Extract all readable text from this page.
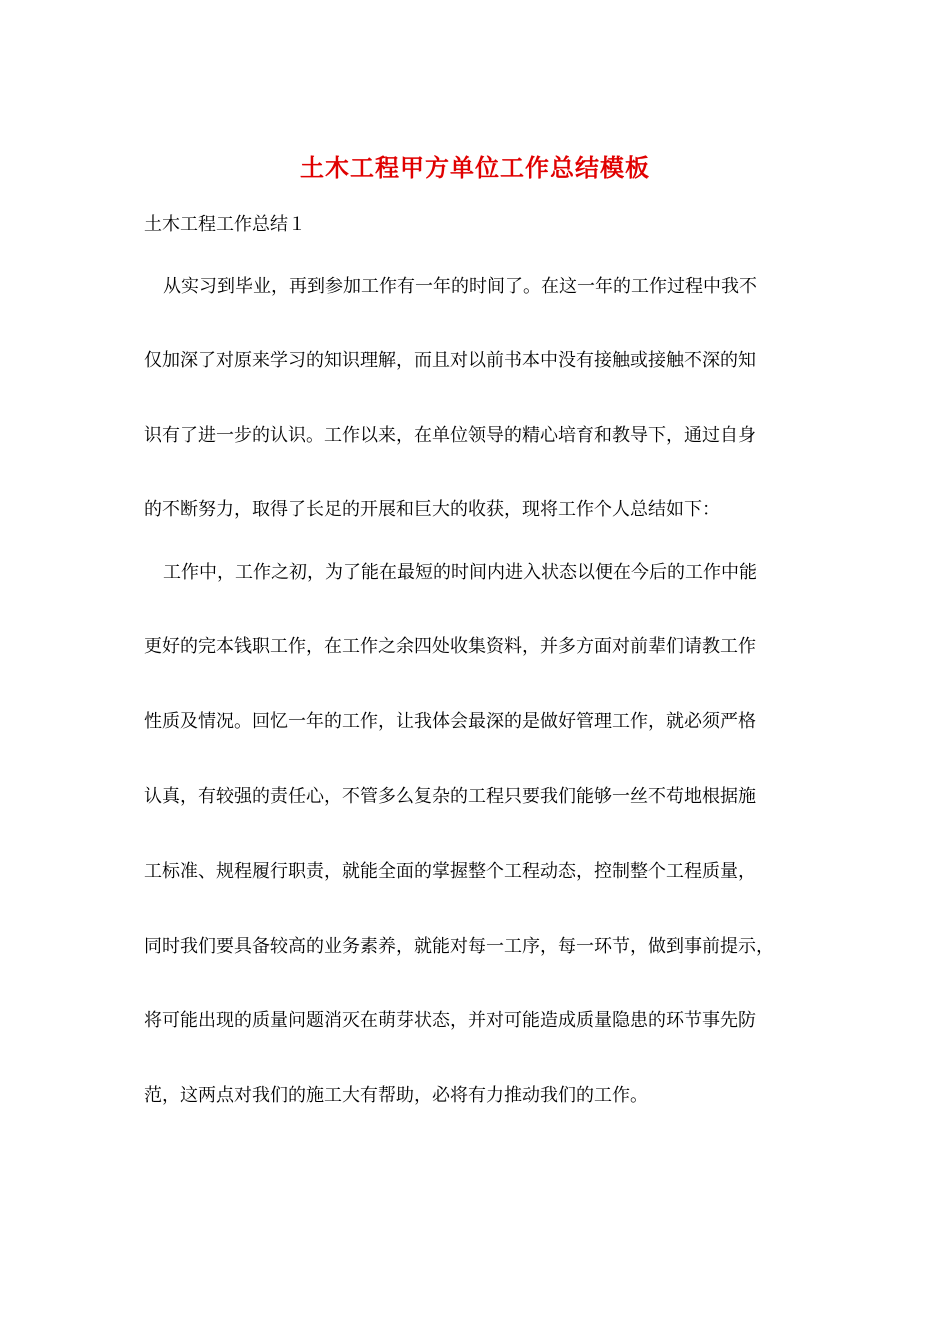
土木工程甲方单位工作总结模板
土木工程工作总结１
从实习到毕业，再到参加工作有一年的时间了。在这一年的工作过程中我不
仅加深了对原来学习的知识理解，而且对以前书本中没有接触或接触不深的知
识有了进一步的认识。工作以来，在单位领导的精心培育和教导下，通过自身
的不断努力，取得了长足的开展和巨大的收获，现将工作个人总结如下：
工作中，工作之初，为了能在最短的时间内进入状态以便在今后的工作中能
更好的完本钱职工作，在工作之余四处收集资料，并多方面对前辈们请教工作
性质及情况。回忆一年的工作，让我体会最深的是做好管理工作，就必须严格
认真，有较强的责任心，不管多么复杂的工程只要我们能够一丝不苟地根据施
工标准、规程履行职责，就能全面的掌握整个工程动态，控制整个工程质量，
同时我们要具备较高的业务素养，就能对每一工序，每一环节，做到事前提示，
将可能出现的质量问题消灭在萌芽状态，并对可能造成质量隐患的环节事先防
范，这两点对我们的施工大有帮助，必将有力推动我们的工作。
